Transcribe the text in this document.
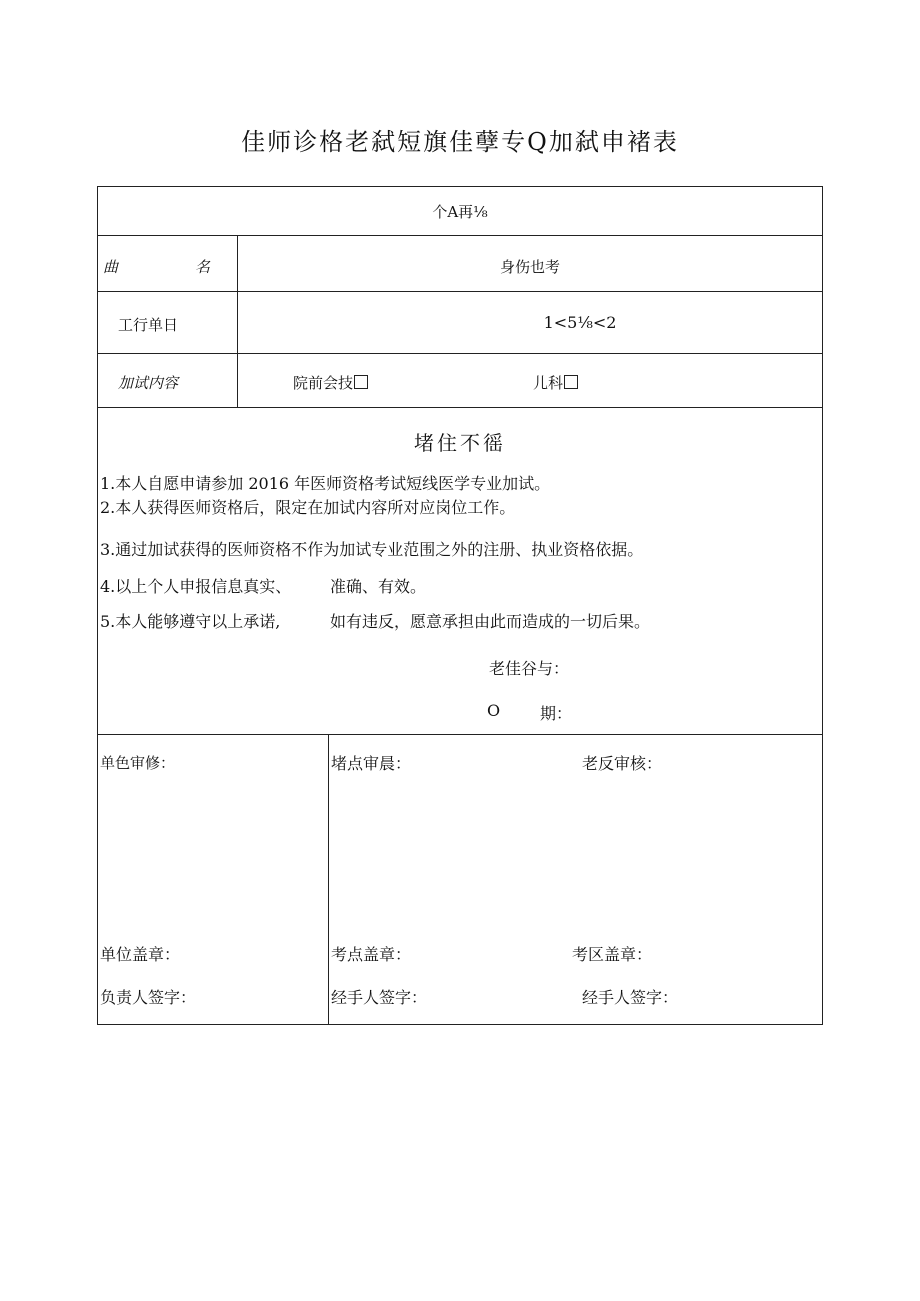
佳师诊格老弑短旗佳孽专Q加弑申褚表
个A再⅛
曲	名	身伤也考
工行单日	1<5⅛<2
加试内容	院前会技	儿科
堵住不徭
1.本人自愿申请参加 2016 年医师资格考试短线医学专业加试。
2.本人获得医师资格后，限定在加试内容所对应岗位工作。
3.通过加试获得的医师资格不作为加试专业范围之外的注册、执业资格依据。
4.以上个人申报信息真实、 准确、有效。
5.本人能够遵守以上承诺,	如有违反，愿意承担由此而造成的一切后果。
老佳谷与：
O 期：
单色审修：	堵点审晨：	老反审核：
单位盖章：	考点盖章：	考区盖章：
负责人签字：	经手人签字：	经手人签字：
